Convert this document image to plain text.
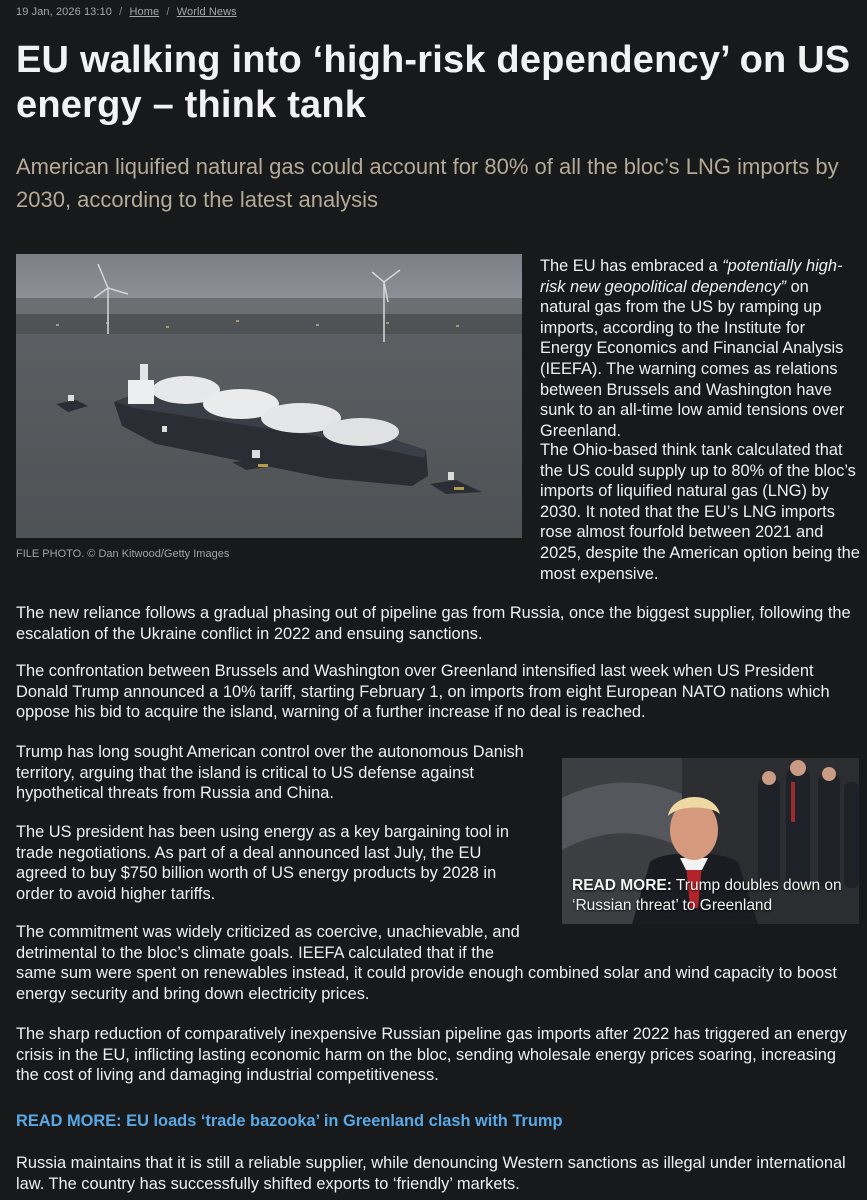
19 Jan, 2026 13:10 / Home / World News
EU walking into ‘high-risk dependency’ on US energy – think tank
American liquified natural gas could account for 80% of all the bloc’s LNG imports by 2030, according to the latest analysis
FILE PHOTO. © Dan Kitwood/Getty Images

The EU has embraced a “potentially high-risk new geopolitical dependency” on natural gas from the US by ramping up imports, according to the Institute for Energy Economics and Financial Analysis (IEEFA). The warning comes as relations between Brussels and Washington have sunk to an all-time low amid tensions over Greenland.

The Ohio-based think tank calculated that the US could supply up to 80% of the bloc’s imports of liquified natural gas (LNG) by 2030. It noted that the EU’s LNG imports rose almost fourfold between 2021 and 2025, despite the American option being the most expensive.

The new reliance follows a gradual phasing out of pipeline gas from Russia, once the biggest supplier, following the escalation of the Ukraine conflict in 2022 and ensuing sanctions.

The confrontation between Brussels and Washington over Greenland intensified last week when US President Donald Trump announced a 10% tariff, starting February 1, on imports from eight European NATO nations which oppose his bid to acquire the island, warning of a further increase if no deal is reached.

Trump has long sought American control over the autonomous Danish territory, arguing that the island is critical to US defense against hypothetical threats from Russia and China.

The US president has been using energy as a key bargaining tool in trade negotiations. As part of a deal announced last July, the EU agreed to buy $750 billion worth of US energy products by 2028 in order to avoid higher tariffs.

The commitment was widely criticized as coercive, unachievable, and detrimental to the bloc’s climate goals. IEEFA calculated that if the

same sum were spent on renewables instead, it could provide enough combined solar and wind capacity to boost energy security and bring down electricity prices.

The sharp reduction of comparatively inexpensive Russian pipeline gas imports after 2022 has triggered an energy crisis in the EU, inflicting lasting economic harm on the bloc, sending wholesale energy prices soaring, increasing the cost of living and damaging industrial competitiveness.

READ MORE: EU loads ‘trade bazooka’ in Greenland clash with Trump

Russia maintains that it is still a reliable supplier, while denouncing Western sanctions as illegal under international law. The country has successfully shifted exports to ‘friendly’ markets.

READ MORE: Trump doubles down on ‘Russian threat’ to Greenland
